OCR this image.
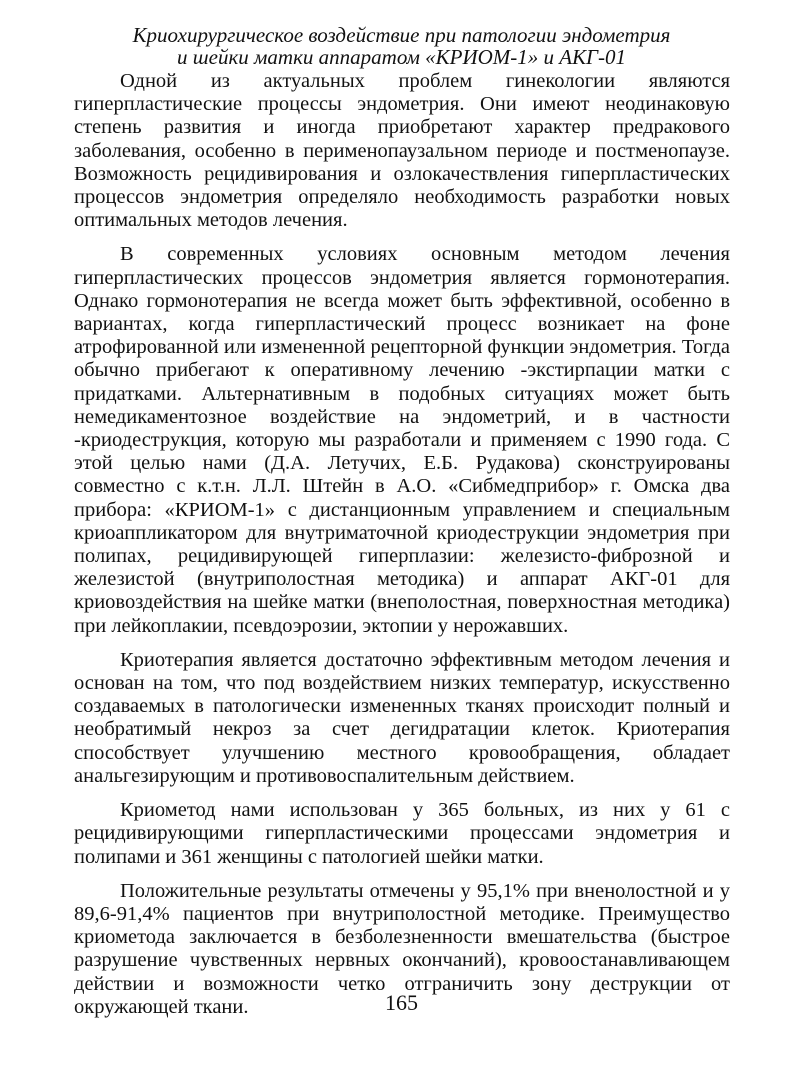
Криохирургическое воздействие при патологии эндометрия

и шейки матки аппаратом «КРИОМ-1» и АКГ-01

Одной из актуальных проблем гинекологии являются гиперпластические процессы эндометрия. Они имеют неодинаковую степень развития и иногда приобретают характер предракового заболевания, особенно в перименопаузальном периоде и постменопаузе. Возможность рецидивирования и озлокачествления гиперпластических процессов эндометрия определяло необходимость разработки новых оптимальных методов лечения.

В современных условиях основным методом лечения гиперпластических процессов эндометрия является гормонотерапия. Однако гормонотерапия не всегда может быть эффективной, особенно в вариантах, когда гиперпластический процесс возникает на фоне атрофированной или измененной рецепторной функции эндометрия. Тогда обычно прибегают к оперативному лечению -экстирпации матки с придатками. Альтернативным в подобных ситуациях может быть немедикаментозное воздействие на эндометрий, и в частности -криодеструкция, которую мы разработали и применяем с 1990 года. С этой целью нами (Д.А. Летучих, Е.Б. Рудакова) сконструированы совместно с к.т.н. Л.Л. Штейн в А.О. «Сибмедприбор» г. Омска два прибора: «КРИОМ-1» с дистанционным управлением и специальным криоаппликатором для внутриматочной криодеструкции эндометрия при полипах, рецидивирующей гиперплазии: железисто-фиброзной и железистой (внутриполостная методика) и аппарат АКГ-01 для криовоздействия на шейке матки (внеполостная, поверхностная методика) при лейкоплакии, псевдоэрозии, эктопии у нерожавших.

Криотерапия является достаточно эффективным методом лечения и основан на том, что под воздействием низких температур, искусственно создаваемых в патологически измененных тканях происходит полный и необратимый некроз за счет дегидратации клеток. Криотерапия способствует улучшению местного кровообращения, обладает анальгезирующим и противовоспалительным действием.

Криометод нами использован у 365 больных, из них у 61 с рецидивирующими гиперпластическими процессами эндометрия и полипами и 361 женщины с патологией шейки матки.

Положительные результаты отмечены у 95,1% при вненолостной и у 89,6-91,4% пациентов при внутриполостной методике. Преимущество криометода заключается в безболезненности вмешательства (быстрое разрушение чувственных нервных окончаний), кровоостанавливающем действии и возможности четко отграничить зону деструкции от окружающей ткани.	165
